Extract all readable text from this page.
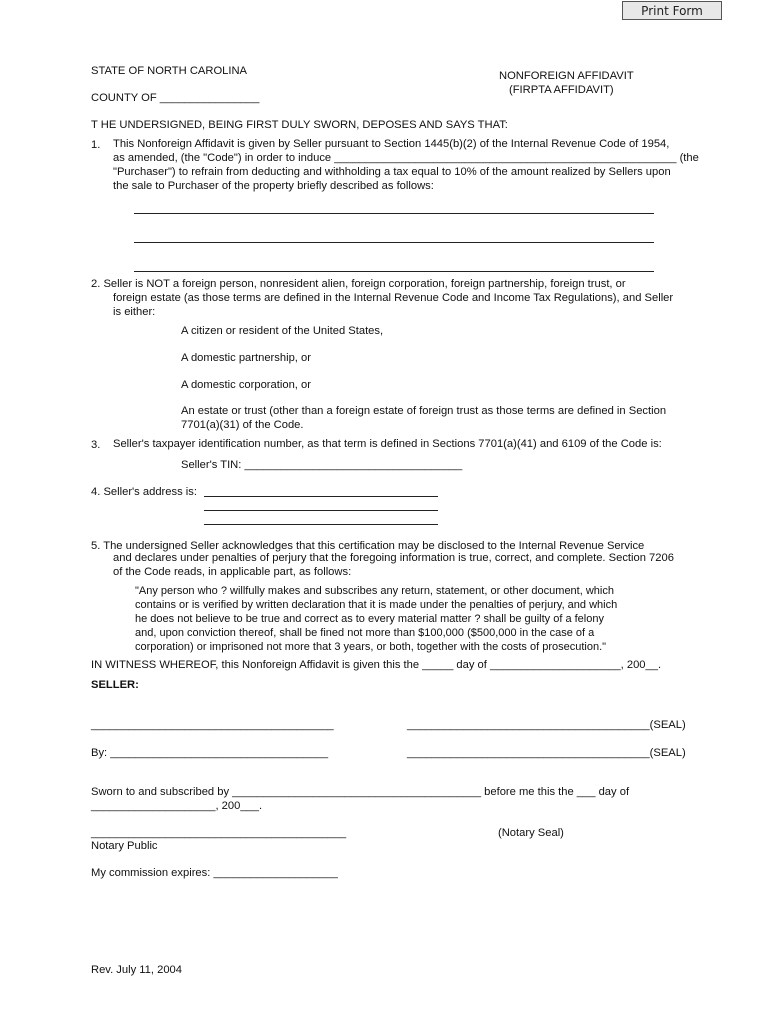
Print Form
STATE OF NORTH CAROLINA
COUNTY OF ________________
NONFOREIGN AFFIDAVIT
(FIRPTA AFFIDAVIT)
T HE UNDERSIGNED, BEING FIRST DULY SWORN, DEPOSES AND SAYS THAT:
1. This Nonforeign Affidavit is given by Seller pursuant to Section 1445(b)(2) of the Internal Revenue Code of 1954,
as amended, (the "Code") in order to induce _______________________________________________________ (the
"Purchaser") to refrain from deducting and withholding a tax equal to 10% of the amount realized by Sellers upon
the sale to Purchaser of the property briefly described as follows:
2. Seller is NOT a foreign person, nonresident alien, foreign corporation, foreign partnership, foreign trust, or
foreign estate (as those terms are defined in the Internal Revenue Code and Income Tax Regulations), and Seller
is either:
A citizen or resident of the United States,
A domestic partnership, or
A domestic corporation, or
An estate or trust (other than a foreign estate of foreign trust as those terms are defined in Section
7701(a)(31) of the Code.
3. Seller's taxpayer identification number, as that term is defined in Sections 7701(a)(41) and 6109 of the Code is:
Seller's TIN: ___________________________________
4. Seller's address is:
5. The undersigned Seller acknowledges that this certification may be disclosed to the Internal Revenue Service
and declares under penalties of perjury that the foregoing information is true, correct, and complete. Section 7206
of the Code reads, in applicable part, as follows:
"Any person who ? willfully makes and subscribes any return, statement, or other document, which
contains or is verified by written declaration that it is made under the penalties of perjury, and which
he does not believe to be true and correct as to every material matter ? shall be guilty of a felony
and, upon conviction thereof, shall be fined not more than $100,000 ($500,000 in the case of a
corporation) or imprisoned not more that 3 years, or both, together with the costs of prosecution."
IN WITNESS WHEREOF, this Nonforeign Affidavit is given this the _____ day of _____________________, 200__.
SELLER:
_______________________________________	_______________________________________(SEAL)
By: ___________________________________	_______________________________________(SEAL)
Sworn to and subscribed by ________________________________________ before me this the ___ day of
____________________, 200___.
_________________________________________	(Notary Seal)
Notary Public
My commission expires: ____________________
Rev. July 11, 2004
